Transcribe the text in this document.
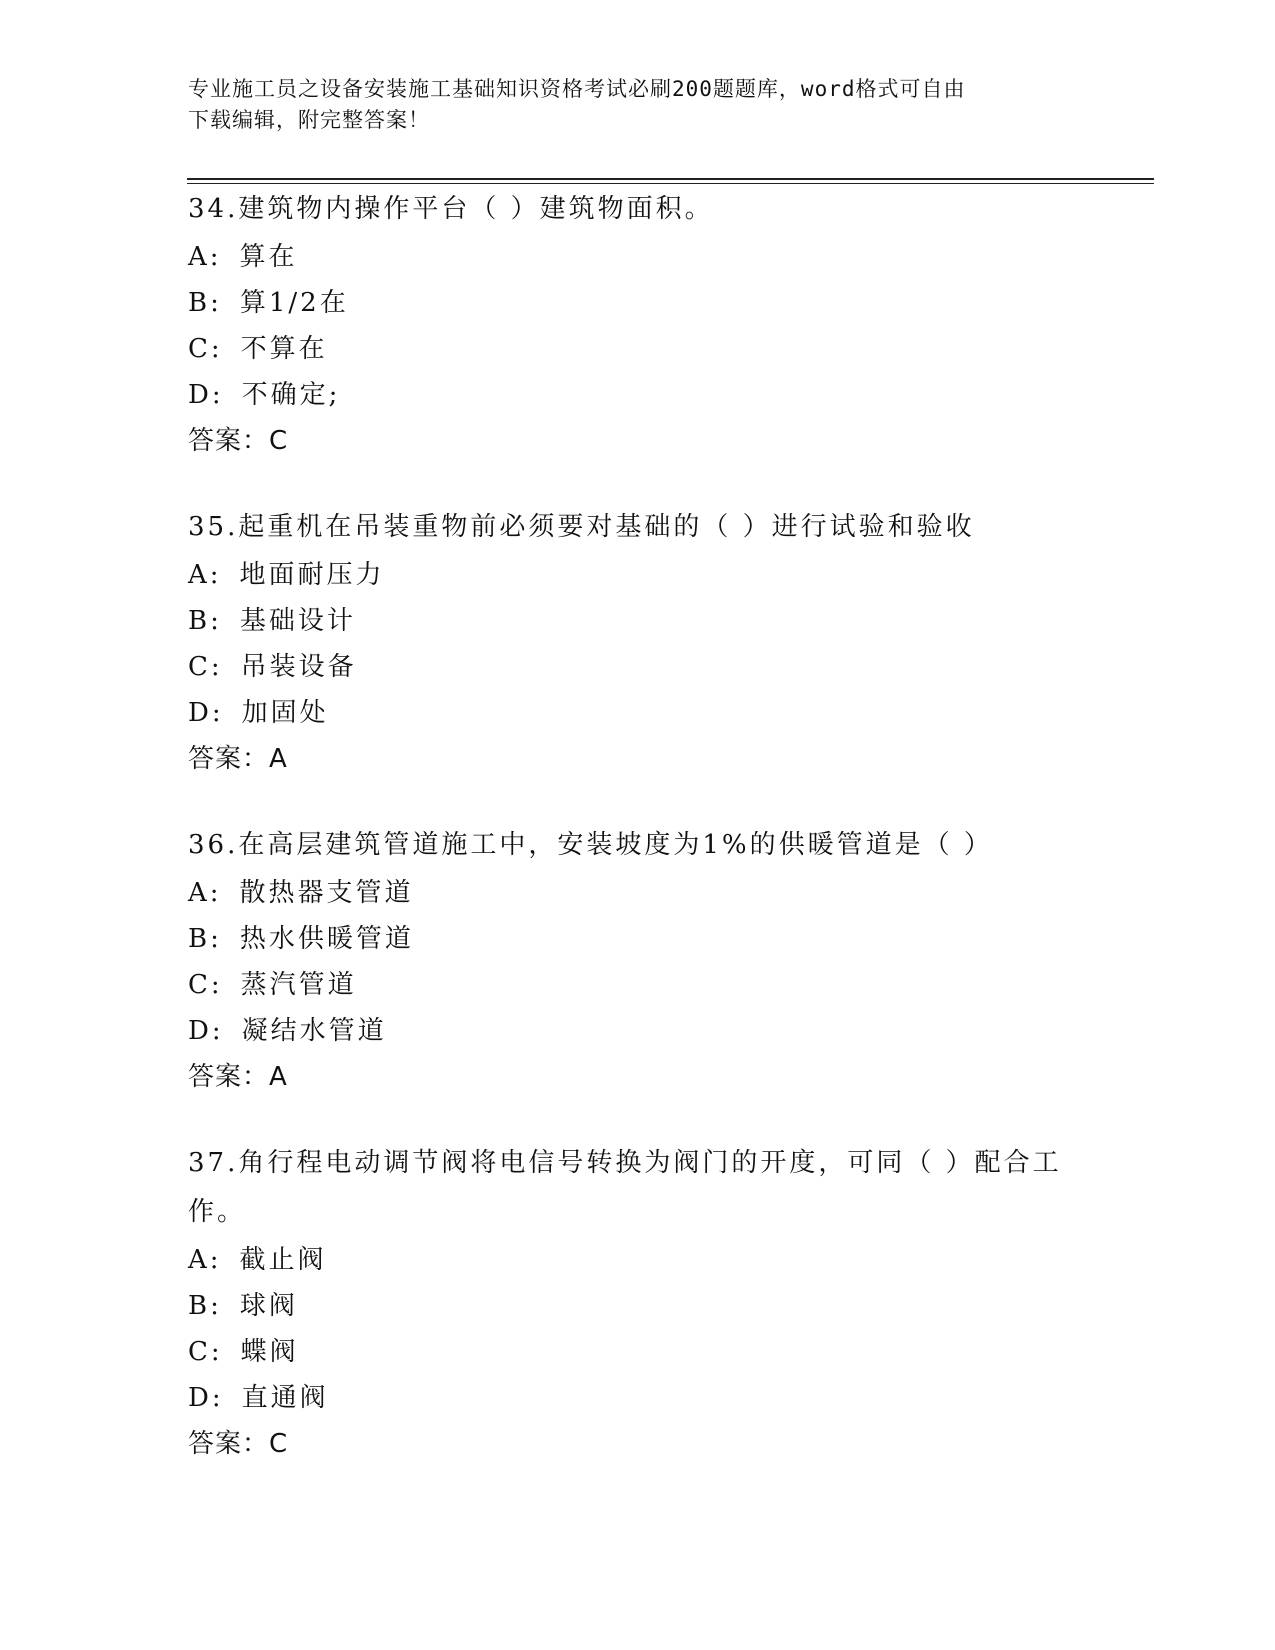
专业施工员之设备安装施工基础知识资格考试必刷200题题库，word格式可自由
下载编辑，附完整答案！
34.建筑物内操作平台（ ）建筑物面积。
A: 算在
B: 算1/2在
C: 不算在
D: 不确定;
答案：C
35.起重机在吊装重物前必须要对基础的（ ）进行试验和验收
A: 地面耐压力
B: 基础设计
C: 吊装设备
D: 加固处
答案：A
36.在高层建筑管道施工中，安装坡度为1%的供暖管道是（ ）
A: 散热器支管道
B: 热水供暖管道
C: 蒸汽管道
D: 凝结水管道
答案：A
37.角行程电动调节阀将电信号转换为阀门的开度，可同（ ）配合工作。
A: 截止阀
B: 球阀
C: 蝶阀
D: 直通阀
答案：C
